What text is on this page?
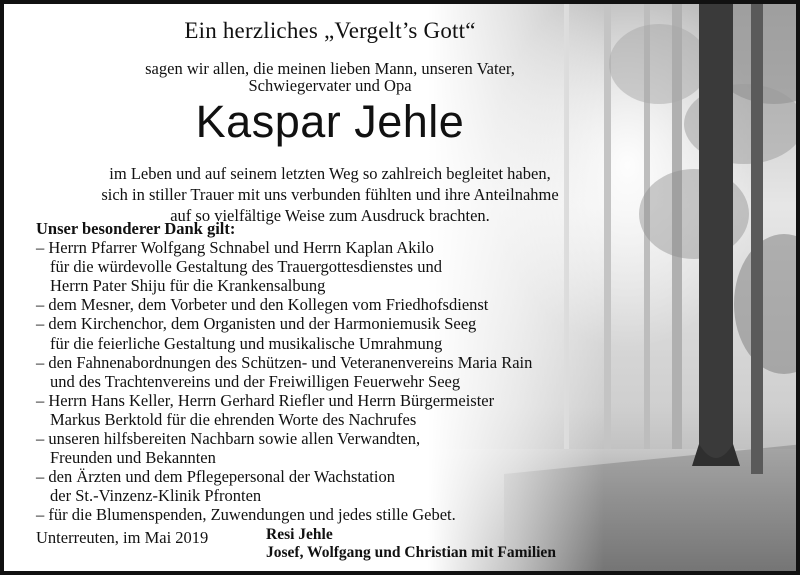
Ein herzliches „Vergelt’s Gott“
sagen wir allen, die meinen lieben Mann, unseren Vater,
Schwiegervater und Opa
Kaspar Jehle
im Leben und auf seinem letzten Weg so zahlreich begleitet haben,
sich in stiller Trauer mit uns verbunden fühlten und ihre Anteilnahme
auf so vielfältige Weise zum Ausdruck brachten.
Unser besonderer Dank gilt:
– Herrn Pfarrer Wolfgang Schnabel und Herrn Kaplan Akilo
für die würdevolle Gestaltung des Trauergottesdienstes und
Herrn Pater Shiju für die Krankensalbung
– dem Mesner, dem Vorbeter und den Kollegen vom Friedhofsdienst
– dem Kirchenchor, dem Organisten und der Harmoniemusik Seeg
für die feierliche Gestaltung und musikalische Umrahmung
– den Fahnenabordnungen des Schützen- und Veteranenvereins Maria Rain
und des Trachtenvereins und der Freiwilligen Feuerwehr Seeg
– Herrn Hans Keller, Herrn Gerhard Riefler und Herrn Bürgermeister
Markus Berktold für die ehrenden Worte des Nachrufes
– unseren hilfsbereiten Nachbarn sowie allen Verwandten,
Freunden und Bekannten
– den Ärzten und dem Pflegepersonal der Wachstation
der St.-Vinzenz-Klinik Pfronten
– für die Blumenspenden, Zuwendungen und jedes stille Gebet.
Unterreuten, im Mai 2019	Resi Jehle
Josef, Wolfgang und Christian mit Familien
